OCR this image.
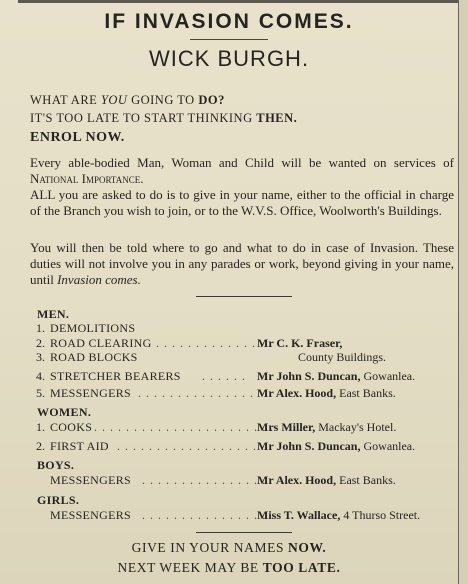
IF INVASION COMES.
WICK BURGH.
WHAT ARE YOU GOING TO DO?
IT'S TOO LATE TO START THINKING THEN.
ENROL NOW.
Every able-bodied Man, Woman and Child will be wanted on services of National Importance.
ALL you are asked to do is to give in your name, either to the official in charge of the Branch you wish to join, or to the W.V.S. Office, Woolworth's Buildings.
You will then be told where to go and what to do in case of Invasion. These duties will not involve you in any parades or work, beyond giving in your name, until Invasion comes.
MEN.
1. DEMOLITIONS
2. ROAD CLEARING
. . . . . . . . . . . . . . . .
Mr C. K. Fraser,
3. ROAD BLOCKS	County Buildings.
4. STRETCHER BEARERS . . . . . . Mr John S. Duncan, Gowanlea.
5. MESSENGERS . . . . . . . . . . . . . . . Mr Alex. Hood, East Banks.
WOMEN.
1. COOKS . . . . . . . . . . . . . . . . . . . . . . .
Mrs Miller, Mackay's Hotel.
2. FIRST AID . . . . . . . . . . . . . . . . . . . .
Mr John S. Duncan, Gowanlea.
BOYS.
MESSENGERS . . . . . . . . . . . . . . . .
Mr Alex. Hood, East Banks.
GIRLS.
MESSENGERS . . . . . . . . . . . . . . . .
Miss T. Wallace, 4 Thurso Street.
GIVE IN YOUR NAMES NOW.
NEXT WEEK MAY BE TOO LATE.
